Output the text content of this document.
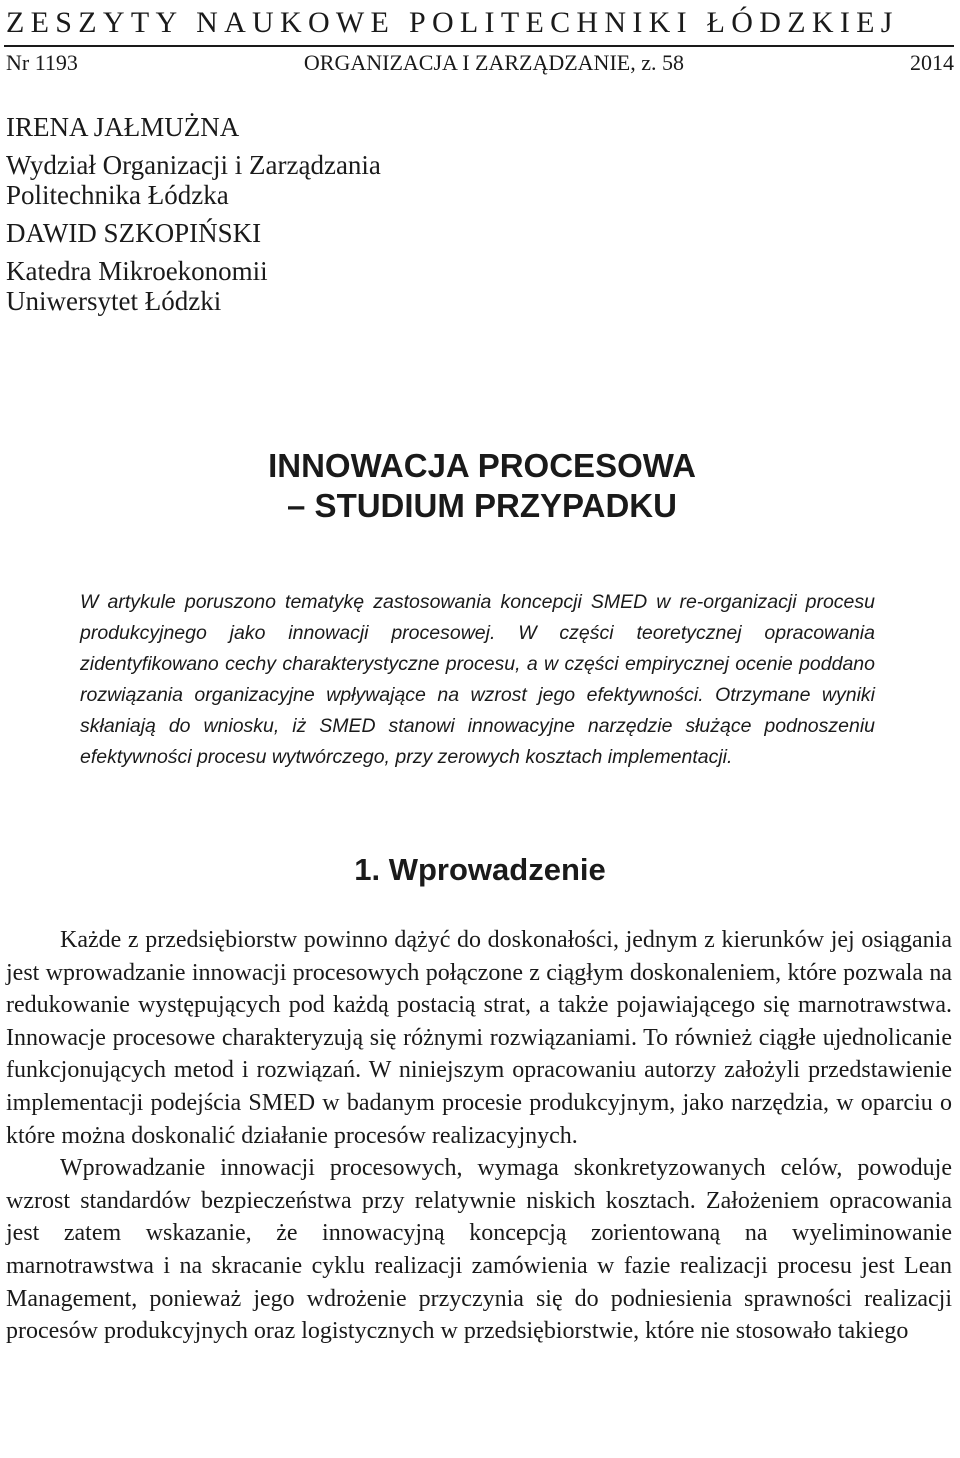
ZESZYTY NAUKOWE POLITECHNIKI ŁÓDZKIEJ
Nr 1193	ORGANIZACJA I ZARZĄDZANIE, z. 58	2014
IRENA JAŁMUŻNA
Wydział Organizacji i Zarządzania
Politechnika Łódzka
DAWID SZKOPIŃSKI
Katedra Mikroekonomii
Uniwersytet Łódzki
INNOWACJA PROCESOWA
– STUDIUM PRZYPADKU

W artykule poruszono tematykę zastosowania koncepcji SMED w re-organizacji procesu produkcyjnego jako innowacji procesowej. W części teoretycznej opracowania zidentyfikowano cechy charakterystyczne procesu, a w części empirycznej ocenie poddano rozwiązania organizacyjne wpływające na wzrost jego efektywności. Otrzymane wyniki skłaniają do wniosku, iż SMED stanowi innowacyjne narzędzie służące podnoszeniu efektywności procesu wytwórczego, przy zerowych kosztach implementacji.

1. Wprowadzenie

Każde z przedsiębiorstw powinno dążyć do doskonałości, jednym z kierunków jej osiągania jest wprowadzanie innowacji procesowych połączone z ciągłym doskonaleniem, które pozwala na redukowanie występujących pod każdą postacią strat, a także pojawiającego się marnotrawstwa. Innowacje procesowe charakteryzują się różnymi rozwiązaniami. To również ciągłe ujednolicanie funkcjonujących metod i rozwiązań. W niniejszym opracowaniu autorzy założyli przedstawienie implementacji podejścia SMED w badanym procesie produkcyjnym, jako narzędzia, w oparciu o które można doskonalić działanie procesów realizacyjnych.

Wprowadzanie innowacji procesowych, wymaga skonkretyzowanych celów, powoduje wzrost standardów bezpieczeństwa przy relatywnie niskich kosztach. Założeniem opracowania jest zatem wskazanie, że innowacyjną koncepcją zorientowaną na wyeliminowanie marnotrawstwa i na skracanie cyklu realizacji zamówienia w fazie realizacji procesu jest Lean Management, ponieważ jego wdrożenie przyczynia się do podniesienia sprawności realizacji procesów produkcyjnych oraz logistycznych w przedsiębiorstwie, które nie stosowało takiego
